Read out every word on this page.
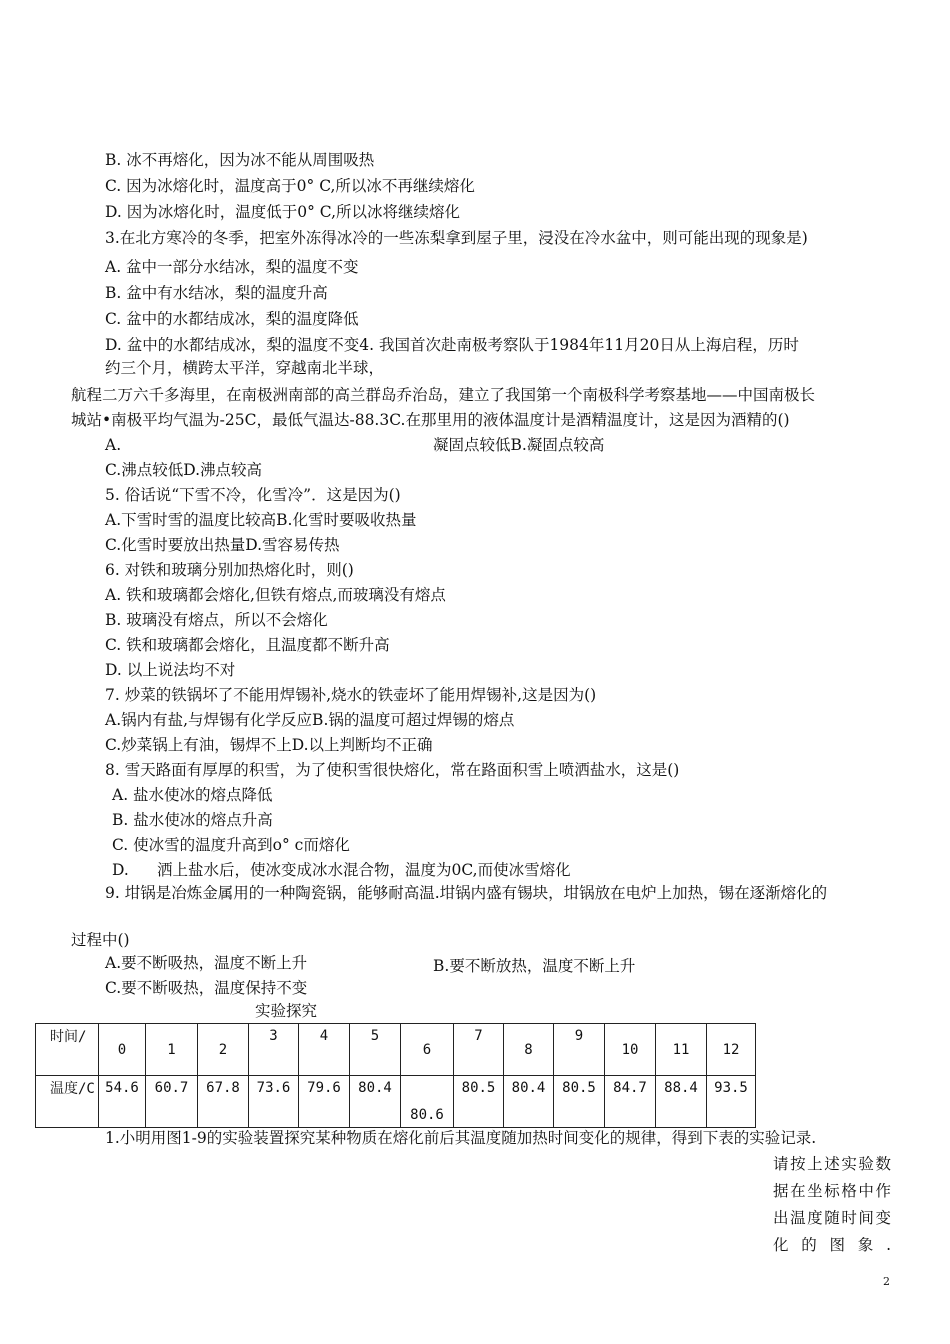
B. 冰不再熔化，因为冰不能从周围吸热
C. 因为冰熔化时，温度高于0° C,所以冰不再继续熔化
D. 因为冰熔化时，温度低于0° C,所以冰将继续熔化
3.在北方寒冷的冬季，把室外冻得冰冷的一些冻梨拿到屋子里，浸没在冷水盆中，则可能出现的现象是)
A. 盆中一部分水结冰，梨的温度不变
B. 盆中有水结冰，梨的温度升高
C. 盆中的水都结成冰，梨的温度降低
D. 盆中的水都结成冰，梨的温度不变4. 我国首次赴南极考察队于1984年11月20日从上海启程，历时
约三个月，横跨太平洋，穿越南北半球，
航程二万六千多海里，在南极洲南部的高兰群岛乔治岛，建立了我国第一个南极科学考察基地——中国南极长
城站•南极平均气温为-25C，最低气温达-88.3C.在那里用的液体温度计是酒精温度计，这是因为酒精的()
A.	凝固点较低B.凝固点较高
C.沸点较低D.沸点较高
5. 俗话说“下雪不冷，化雪冷”．这是因为()
A.下雪时雪的温度比较高B.化雪时要吸收热量
C.化雪时要放出热量D.雪容易传热
6. 对铁和玻璃分别加热熔化时，则()
A. 铁和玻璃都会熔化,但铁有熔点,而玻璃没有熔点
B. 玻璃没有熔点，所以不会熔化
C. 铁和玻璃都会熔化，且温度都不断升高
D. 以上说法均不对
7. 炒菜的铁锅坏了不能用焊锡补,烧水的铁壶坏了能用焊锡补,这是因为()
A.锅内有盐,与焊锡有化学反应B.锅的温度可超过焊锡的熔点
C.炒菜锅上有油，锡焊不上D.以上判断均不正确
8. 雪天路面有厚厚的积雪，为了使积雪很快熔化，常在路面积雪上喷洒盐水，这是()
A. 盐水使冰的熔点降低
B. 盐水使冰的熔点升高
C. 使冰雪的温度升高到o° c而熔化
D. 洒上盐水后，使冰变成冰水混合物，温度为0C,而使冰雪熔化
9. 坩锅是冶炼金属用的一种陶瓷锅，能够耐高温.坩锅内盛有锡块，坩锅放在电炉上加热，锡在逐渐熔化的
过程中()
A.要不断吸热，温度不断上升
C.要不断吸热，温度保持不变
B.要不断放热，温度不断上升
实验探究
时间/	0	1	2	3	4	5	6	7	8	9	10	11	12
温度/C	54.6	60.7	67.8	73.6	79.6	80.4	80.6	80.5	80.4	80.5	84.7	88.4	93.5
1.小明用图1-9的实验装置探究某种物质在熔化前后其温度随加热时间变化的规律，得到下表的实验记录.
请按上述实验数据在坐标格中作出温度随时间变化的图象.
2
